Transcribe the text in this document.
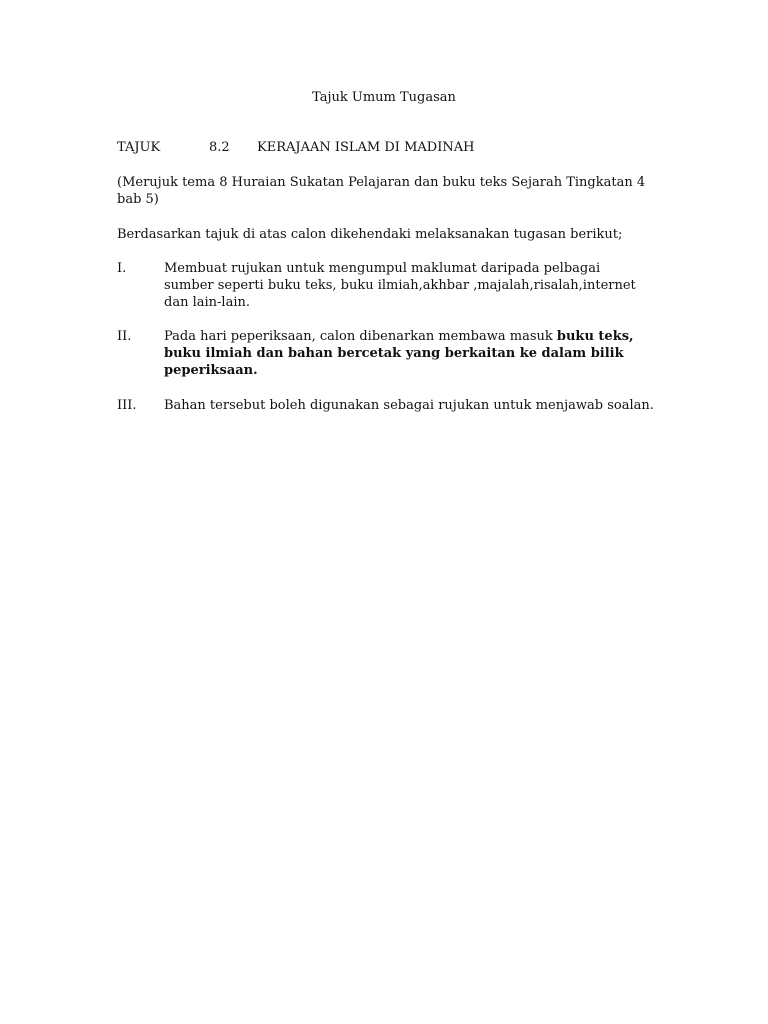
Tajuk Umum Tugasan
TAJUK	8.2 KERAJAAN ISLAM DI MADINAH
(Merujuk tema 8 Huraian Sukatan Pelajaran dan buku teks Sejarah Tingkatan 4
bab 5)
Berdasarkan tajuk di atas calon dikehendaki melaksanakan tugasan berikut;
I.	Membuat rujukan untuk mengumpul maklumat daripada pelbagai
sumber seperti buku teks, buku ilmiah,akhbar ,majalah,risalah,internet
dan lain-lain.
II.	Pada hari peperiksaan, calon dibenarkan membawa masuk buku teks,
buku ilmiah dan bahan bercetak yang berkaitan ke dalam bilik
peperiksaan.
III. Bahan tersebut boleh digunakan sebagai rujukan untuk menjawab soalan.
